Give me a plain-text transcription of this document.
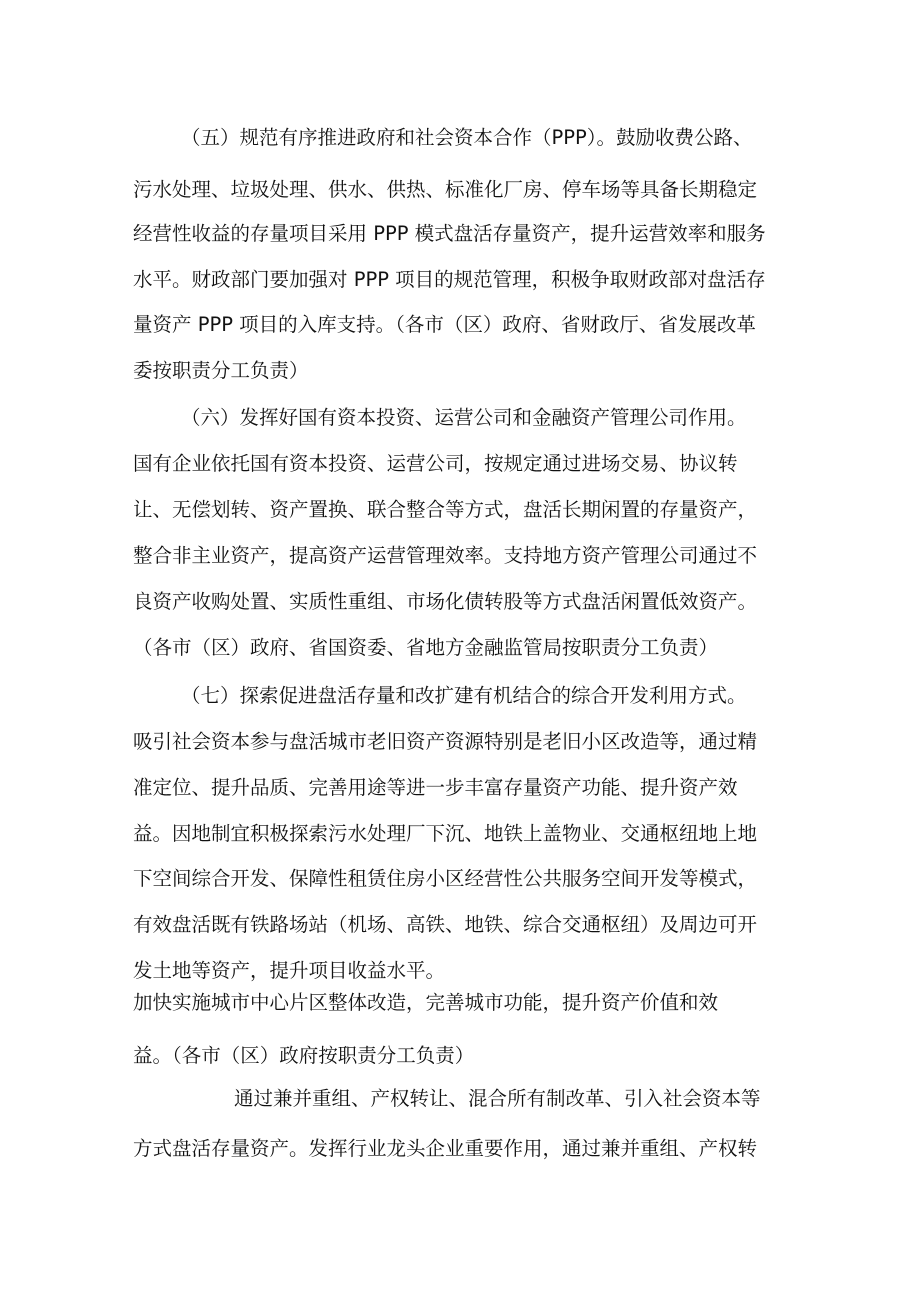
（五）规范有序推进政府和社会资本合作（PPP）。鼓励收费公路、
污水处理、垃圾处理、供水、供热、标准化厂房、停车场等具备长期稳定
经营性收益的存量项目采用 PPP 模式盘活存量资产，提升运营效率和服务
水平。财政部门要加强对 PPP 项目的规范管理，积极争取财政部对盘活存
量资产 PPP 项目的入库支持。（各市（区）政府、省财政厅、省发展改革
委按职责分工负责）
（六）发挥好国有资本投资、运营公司和金融资产管理公司作用。
国有企业依托国有资本投资、运营公司，按规定通过进场交易、协议转
让、无偿划转、资产置换、联合整合等方式，盘活长期闲置的存量资产，
整合非主业资产，提高资产运营管理效率。支持地方资产管理公司通过不
良资产收购处置、实质性重组、市场化债转股等方式盘活闲置低效资产。
（各市（区）政府、省国资委、省地方金融监管局按职责分工负责）
（七）探索促进盘活存量和改扩建有机结合的综合开发利用方式。
吸引社会资本参与盘活城市老旧资产资源特别是老旧小区改造等，通过精
准定位、提升品质、完善用途等进一步丰富存量资产功能、提升资产效
益。因地制宜积极探索污水处理厂下沉、地铁上盖物业、交通枢纽地上地
下空间综合开发、保障性租赁住房小区经营性公共服务空间开发等模式，
有效盘活既有铁路场站（机场、高铁、地铁、综合交通枢纽）及周边可开
发土地等资产，提升项目收益水平。
加快实施城市中心片区整体改造，完善城市功能，提升资产价值和效
益。（各市（区）政府按职责分工负责）
通过兼并重组、产权转让、混合所有制改革、引入社会资本等
方式盘活存量资产。发挥行业龙头企业重要作用，通过兼并重组、产权转
